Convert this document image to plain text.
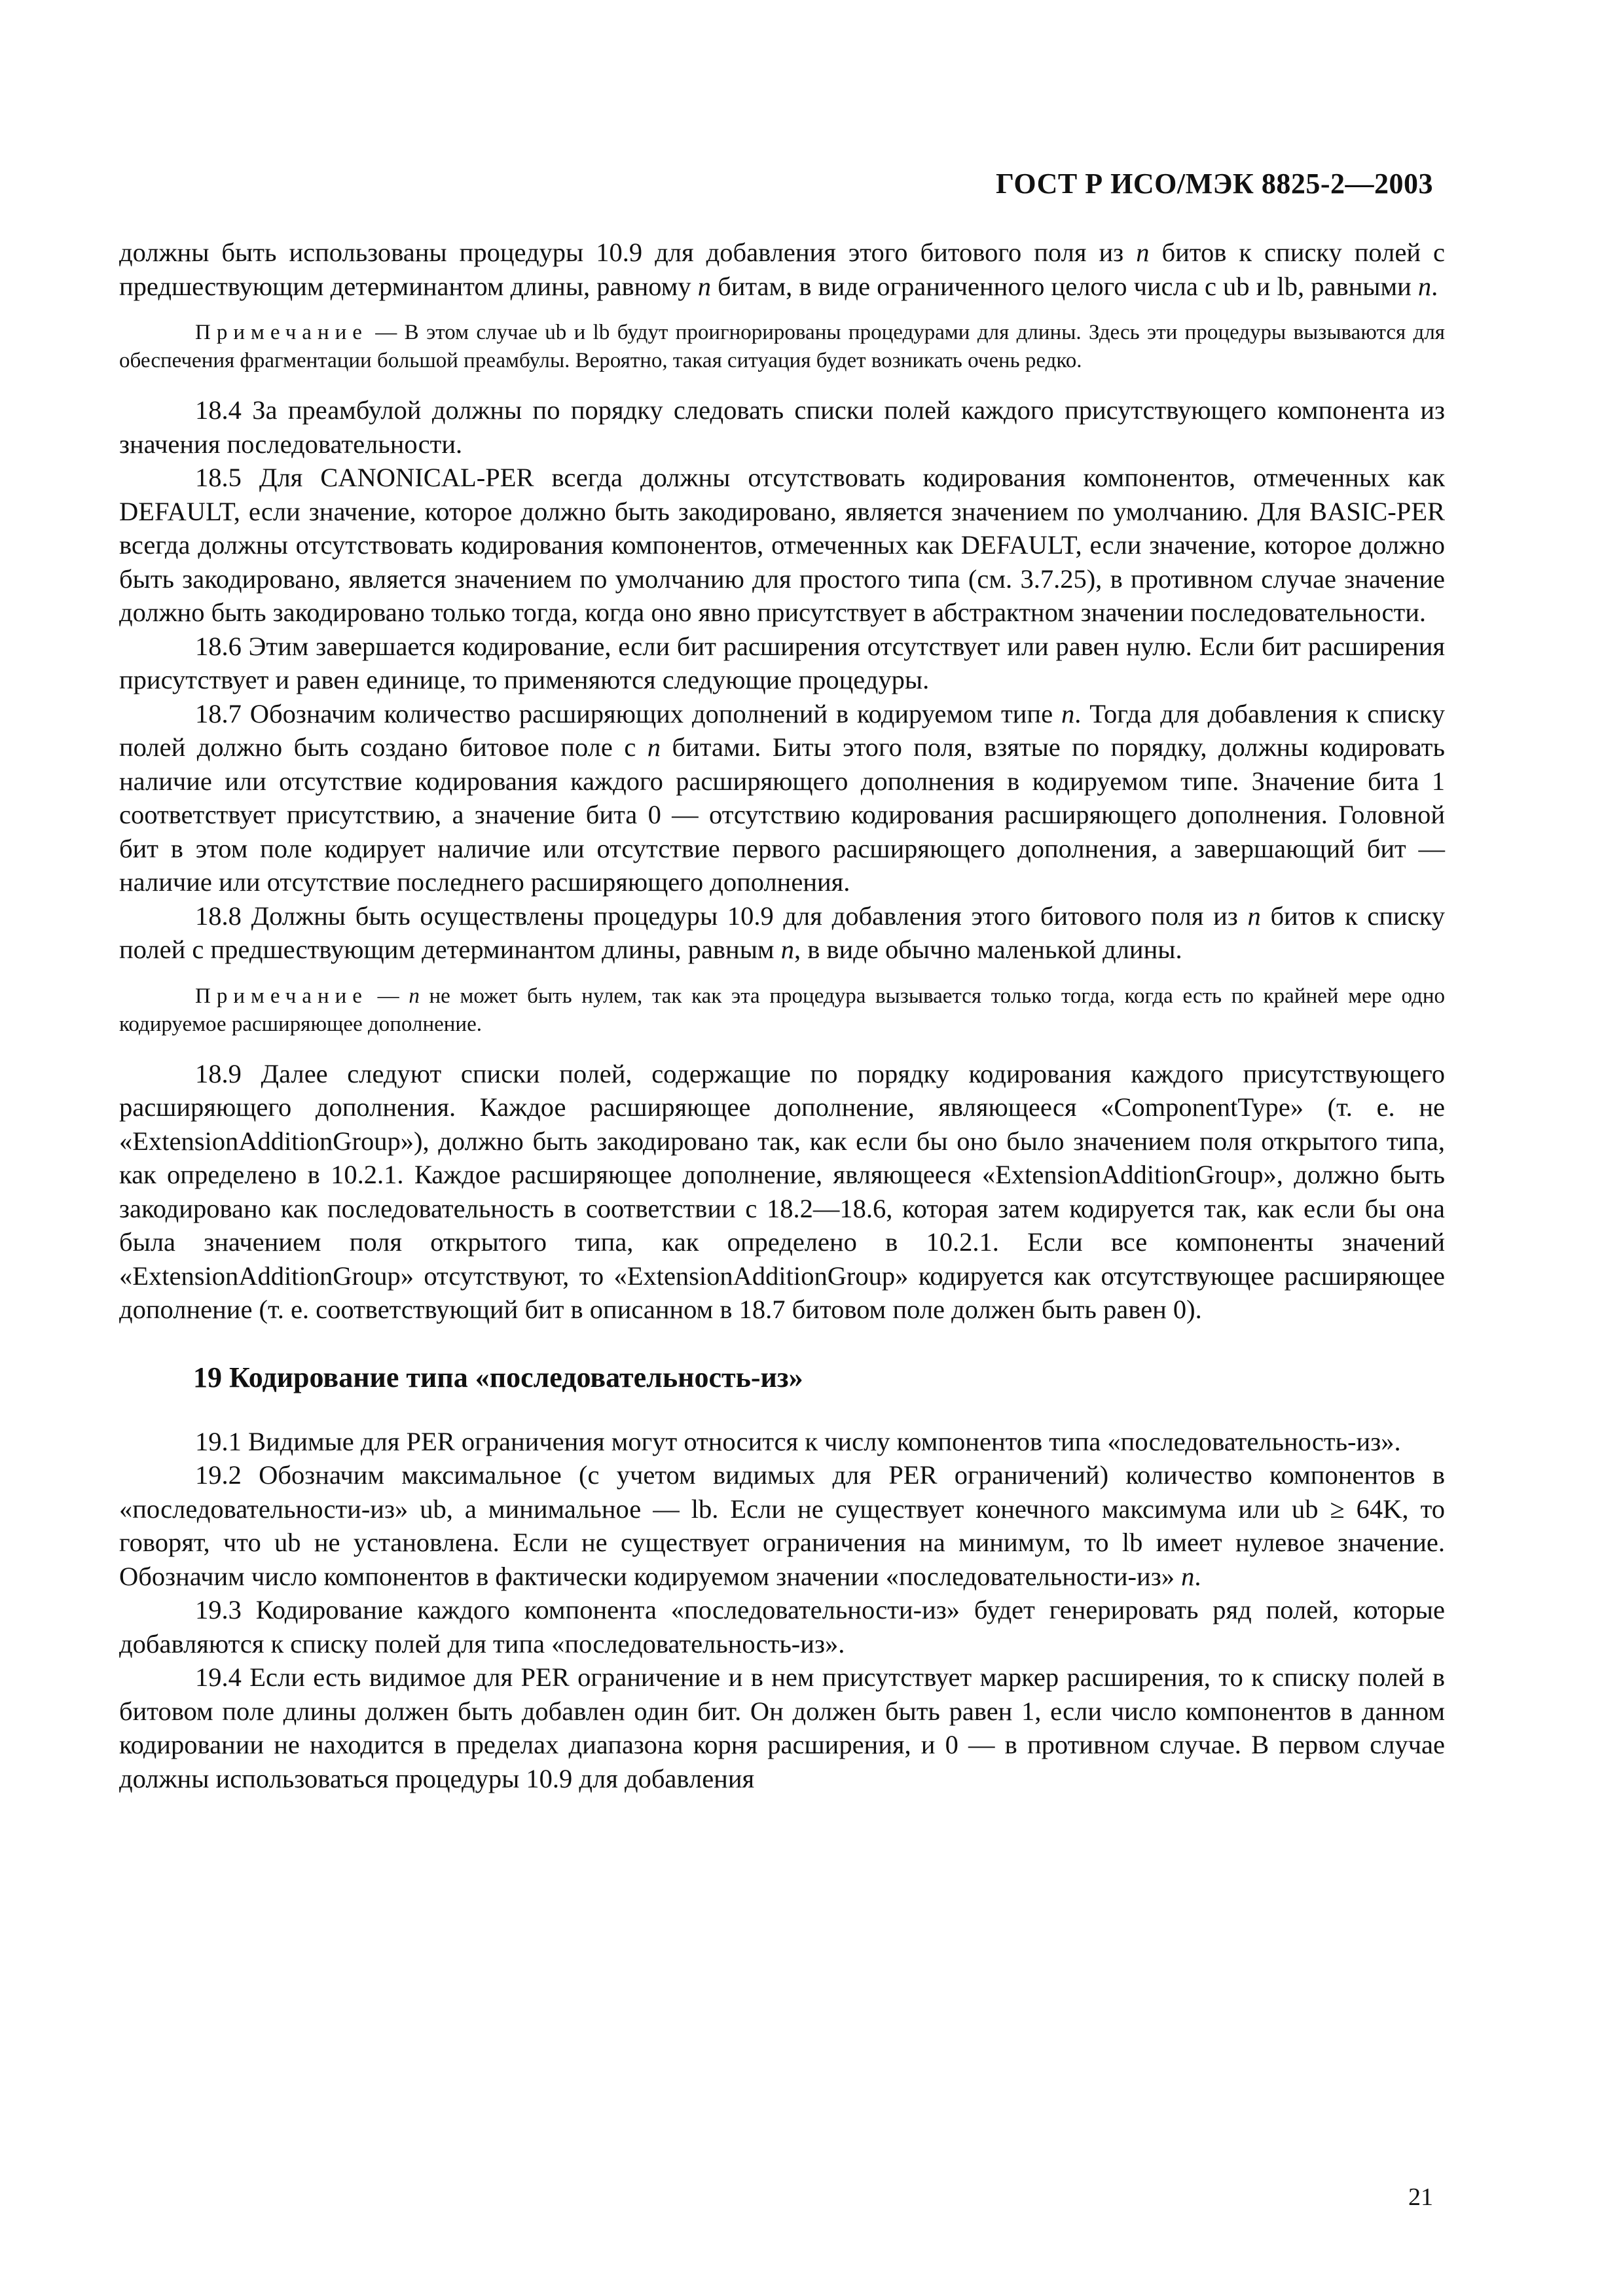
ГОСТ Р ИСО/МЭК 8825-2—2003

должны быть использованы процедуры 10.9 для добавления этого битового поля из n битов к списку полей с предшествующим детерминантом длины, равному n битам, в виде ограниченного целого числа с ub и lb, равными n.

Примечание — В этом случае ub и lb будут проигнорированы процедурами для длины. Здесь эти процедуры вызываются для обеспечения фрагментации большой преамбулы. Вероятно, такая ситуация будет возникать очень редко.

18.4 За преамбулой должны по порядку следовать списки полей каждого присутствующего компонента из значения последовательности.

18.5 Для CANONICAL-PER всегда должны отсутствовать кодирования компонентов, отмеченных как DEFAULT, если значение, которое должно быть закодировано, является значением по умолчанию. Для BASIC-PER всегда должны отсутствовать кодирования компонентов, отмеченных как DEFAULT, если значение, которое должно быть закодировано, является значением по умолчанию для простого типа (см. 3.7.25), в противном случае значение должно быть закодировано только тогда, когда оно явно присутствует в абстрактном значении последовательности.

18.6 Этим завершается кодирование, если бит расширения отсутствует или равен нулю. Если бит расширения присутствует и равен единице, то применяются следующие процедуры.

18.7 Обозначим количество расширяющих дополнений в кодируемом типе n. Тогда для добавления к списку полей должно быть создано битовое поле с n битами. Биты этого поля, взятые по порядку, должны кодировать наличие или отсутствие кодирования каждого расширяющего дополнения в кодируемом типе. Значение бита 1 соответствует присутствию, а значение бита 0 — отсутствию кодирования расширяющего дополнения. Головной бит в этом поле кодирует наличие или отсутствие первого расширяющего дополнения, а завершающий бит — наличие или отсутствие последнего расширяющего дополнения.

18.8 Должны быть осуществлены процедуры 10.9 для добавления этого битового поля из n битов к списку полей с предшествующим детерминантом длины, равным n, в виде обычно маленькой длины.

Примечание — n не может быть нулем, так как эта процедура вызывается только тогда, когда есть по крайней мере одно кодируемое расширяющее дополнение.

18.9 Далее следуют списки полей, содержащие по порядку кодирования каждого присутствующего расширяющего дополнения. Каждое расширяющее дополнение, являющееся «ComponentType» (т. е. не «ExtensionAdditionGroup»), должно быть закодировано так, как если бы оно было значением поля открытого типа, как определено в 10.2.1. Каждое расширяющее дополнение, являющееся «ExtensionAdditionGroup», должно быть закодировано как последовательность в соответствии с 18.2—18.6, которая затем кодируется так, как если бы она была значением поля открытого типа, как определено в 10.2.1. Если все компоненты значений «ExtensionAdditionGroup» отсутствуют, то «ExtensionAdditionGroup» кодируется как отсутствующее расширяющее дополнение (т. е. соответствующий бит в описанном в 18.7 битовом поле должен быть равен 0).

19 Кодирование типа «последовательность-из»

19.1 Видимые для PER ограничения могут относится к числу компонентов типа «последовательность-из».

19.2 Обозначим максимальное (с учетом видимых для PER ограничений) количество компонентов в «последовательности-из» ub, а минимальное — lb. Если не существует конечного максимума или ub ≥ 64K, то говорят, что ub не установлена. Если не существует ограничения на минимум, то lb имеет нулевое значение. Обозначим число компонентов в фактически кодируемом значении «последовательности-из» n.

19.3 Кодирование каждого компонента «последовательности-из» будет генерировать ряд полей, которые добавляются к списку полей для типа «последовательность-из».

19.4 Если есть видимое для PER ограничение и в нем присутствует маркер расширения, то к списку полей в битовом поле длины должен быть добавлен один бит. Он должен быть равен 1, если число компонентов в данном кодировании не находится в пределах диапазона корня расширения, и 0 — в противном случае. В первом случае должны использоваться процедуры 10.9 для добавления

21
